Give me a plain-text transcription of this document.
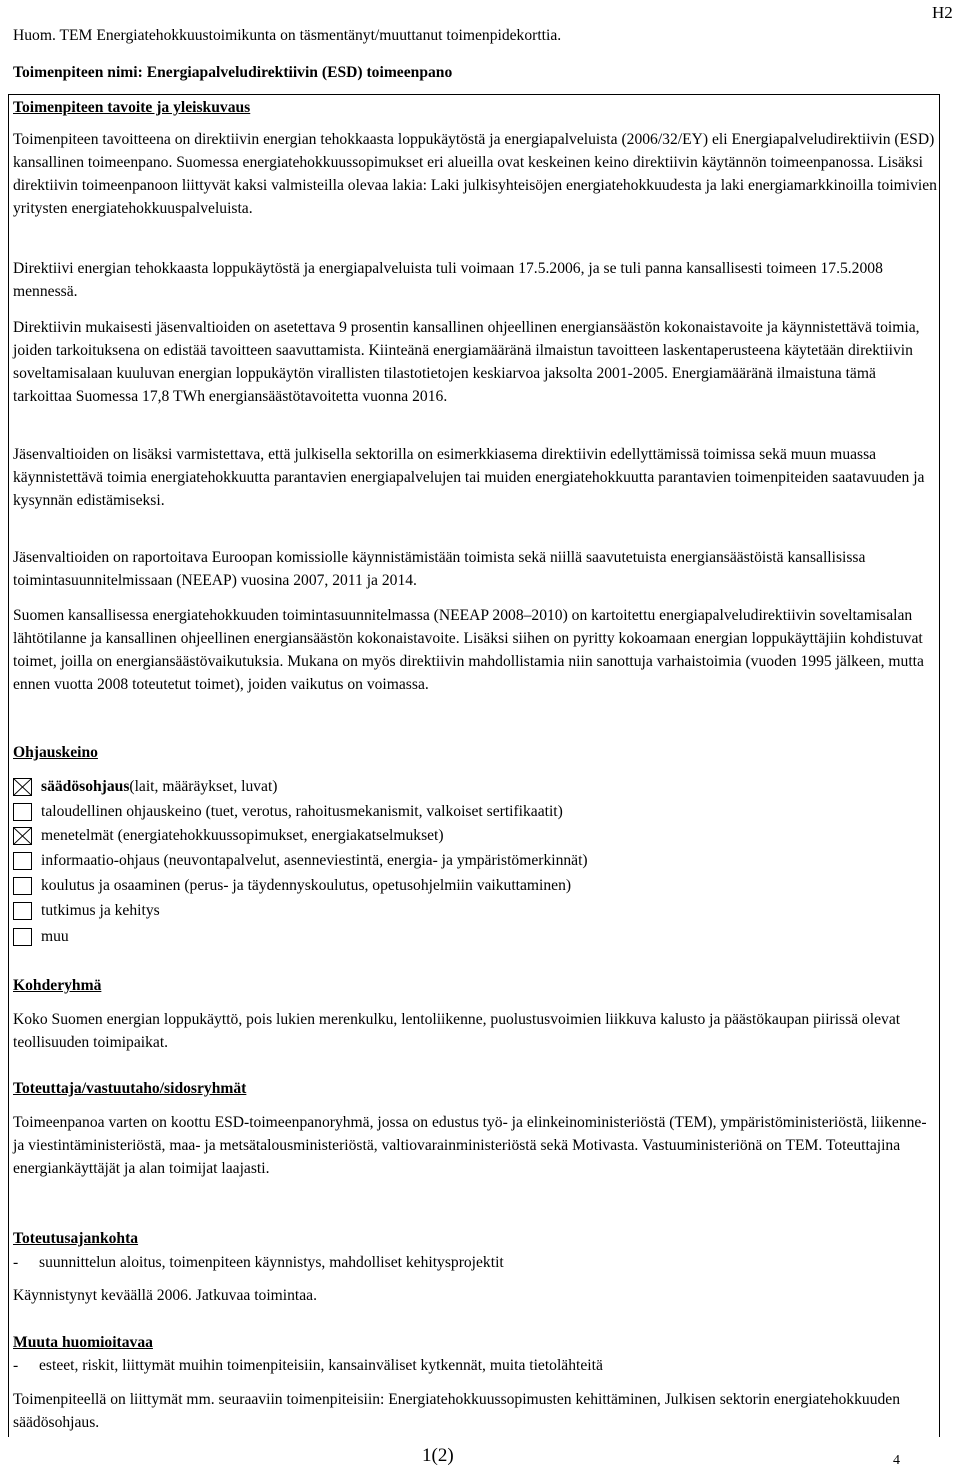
H2
Huom. TEM Energiatehokkuustoimikunta on täsmentänyt/muuttanut toimenpidekorttia.
Toimenpiteen nimi: Energiapalveludirektiivin (ESD) toimeenpano
Toimenpiteen tavoite ja yleiskuvaus

Toimenpiteen tavoitteena on direktiivin energian tehokkaasta loppukäytöstä ja energiapalveluista (2006/32/EY) eli Energiapalveludirektiivin (ESD) kansallinen toimeenpano. Suomessa energiatehokkuussopimukset eri alueilla ovat keskeinen keino direktiivin käytännön toimeenpanossa. Lisäksi direktiivin toimeenpanoon liittyvät kaksi valmisteilla olevaa lakia: Laki julkisyhteisöjen energiatehokkuudesta ja laki energiamarkkinoilla toimivien yritysten energiatehokkuuspalveluista.

Direktiivi energian tehokkaasta loppukäytöstä ja energiapalveluista tuli voimaan 17.5.2006, ja se tuli panna kansallisesti toimeen 17.5.2008 mennessä.

Direktiivin mukaisesti jäsenvaltioiden on asetettava 9 prosentin kansallinen ohjeellinen energiansäästön kokonaistavoite ja käynnistettävä toimia, joiden tarkoituksena on edistää tavoitteen saavuttamista. Kiinteänä energiamääränä ilmaistun tavoitteen laskentaperusteena käytetään direktiivin soveltamisalaan kuuluvan energian loppukäytön virallisten tilastotietojen keskiarvoa jaksolta 2001-2005. Energiamääränä ilmaistuna tämä tarkoittaa Suomessa 17,8 TWh energiansäästötavoitetta vuonna 2016.

Jäsenvaltioiden on lisäksi varmistettava, että julkisella sektorilla on esimerkkiasema direktiivin edellyttämissä toimissa sekä muun muassa käynnistettävä toimia energiatehokkuutta parantavien energiapalvelujen tai muiden energiatehokkuutta parantavien toimenpiteiden saatavuuden ja kysynnän edistämiseksi.

Jäsenvaltioiden on raportoitava Euroopan komissiolle käynnistämistään toimista sekä niillä saavutetuista energiansäästöistä kansallisissa toimintasuunnitelmissaan (NEEAP) vuosina 2007, 2011 ja 2014.

Suomen kansallisessa energiatehokkuuden toimintasuunnitelmassa (NEEAP 2008–2010) on kartoitettu energiapalveludirektiivin soveltamisalan lähtötilanne ja kansallinen ohjeellinen energiansäästön kokonaistavoite. Lisäksi siihen on pyritty kokoamaan energian loppukäyttäjiin kohdistuvat toimet, joilla on energiansäästövaikutuksia. Mukana on myös direktiivin mahdollistamia niin sanottuja varhaistoimia (vuoden 1995 jälkeen, mutta ennen vuotta 2008 toteutetut toimet), joiden vaikutus on voimassa.

Ohjauskeino
säädösohjaus (lait, määräykset, luvat)
taloudellinen ohjauskeino (tuet, verotus, rahoitusmekanismit, valkoiset sertifikaatit)
menetelmät (energiatehokkuussopimukset, energiakatselmukset)
informaatio-ohjaus (neuvontapalvelut, asenneviestintä, energia- ja ympäristömerkinnät)
koulutus ja osaaminen (perus- ja täydennyskoulutus, opetusohjelmiin vaikuttaminen)
tutkimus ja kehitys
muu
Kohderyhmä

Koko Suomen energian loppukäyttö, pois lukien merenkulku, lentoliikenne, puolustusvoimien liikkuva kalusto ja päästökaupan piirissä olevat teollisuuden toimipaikat.

Toteuttaja/vastuutaho/sidosryhmät

Toimeenpanoa varten on koottu ESD-toimeenpanoryhmä, jossa on edustus työ- ja elinkeinoministeriöstä (TEM), ympäristöministeriöstä, liikenne- ja viestintäministeriöstä, maa- ja metsätalousministeriöstä, valtiovarainministeriöstä sekä Motivasta. Vastuuministeriönä on TEM. Toteuttajina energiankäyttäjät ja alan toimijat laajasti.

Toteutusajankohta
- suunnittelun aloitus, toimenpiteen käynnistys, mahdolliset kehitysprojektit

Käynnistynyt keväällä 2006. Jatkuvaa toimintaa.

Muuta huomioitavaa
- esteet, riskit, liittymät muihin toimenpiteisiin, kansainväliset kytkennät, muita tietolähteitä

Toimenpiteellä on liittymät mm. seuraaviin toimenpiteisiin: Energiatehokkuussopimusten kehittäminen, Julkisen sektorin energiatehokkuuden säädösohjaus.

1(2)	4
